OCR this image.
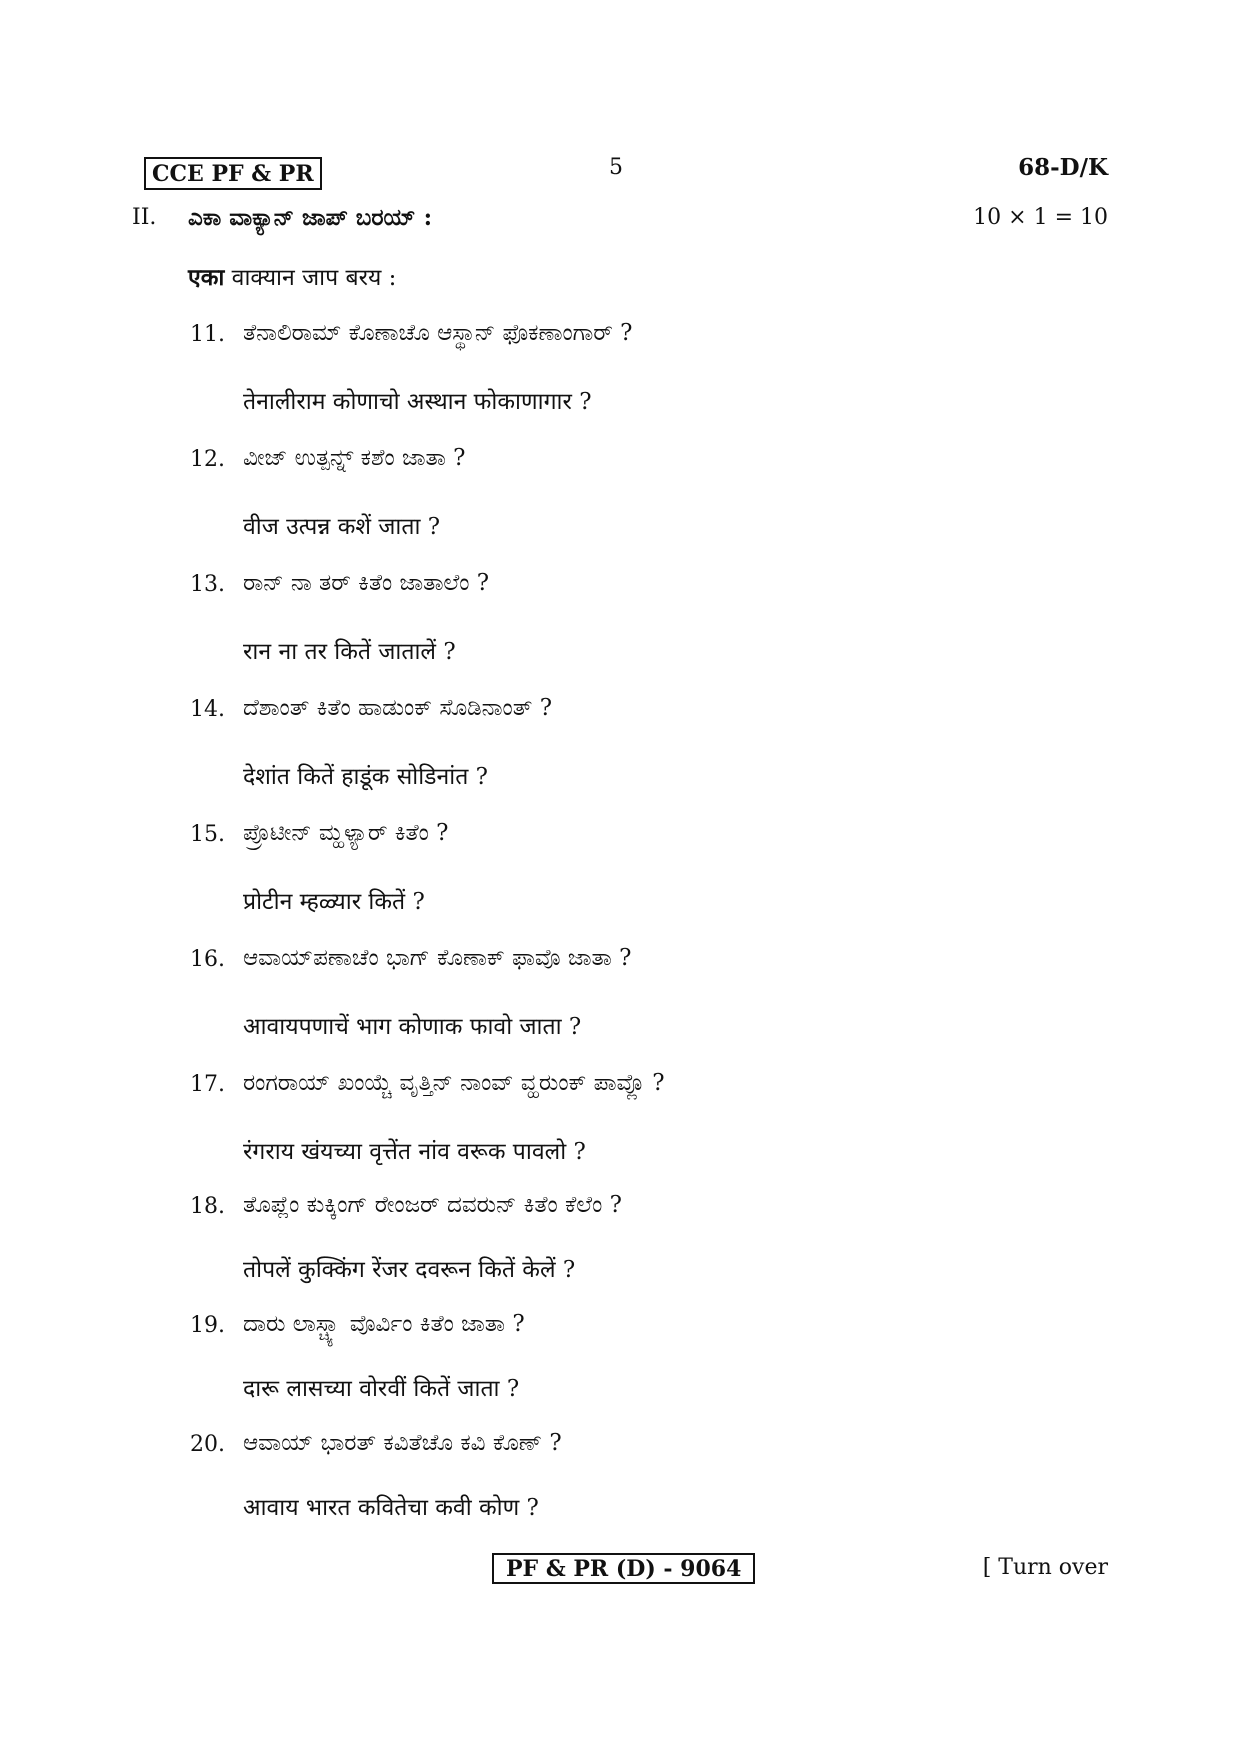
CCE PF & PR	5	68-D/K
II. ಎಕಾ ವಾಕ್ಯಾನ್ ಜಾಪ್ ಬರಯ್ :	10 × 1 = 10
एका वाक्यान जाप बरय :
11. ತೆನಾಲಿರಾಮ್ ಕೊಣಾಚೊ ಆಸ್ಥಾನ್ ಫೊಕಣಾಂಗಾರ್ ?
तेनालीराम कोणाचो अस्थान फोकाणागार ?
12. ವೀಜ್ ಉತ್ಪನ್ನ್ ಕಶೆಂ ಜಾತಾ ?
वीज उत्पन्न कशें जाता ?
13. ರಾನ್ ನಾ ತರ್ ಕಿತೆಂ ಜಾತಾಲೆಂ ?
रान ना तर कितें जातालें ?
14. ದೆಶಾಂತ್ ಕಿತೆಂ ಹಾಡುಂಕ್ ಸೊಡಿನಾಂತ್ ?
देशांत कितें हाडूंक सोडिनांत ?
15. ಪ್ರೊಟೀನ್ ಮ್ಹಳ್ಯಾರ್ ಕಿತೆಂ ?
प्रोटीन म्हळ्यार कितें ?
16. ಆವಾಯ್‌ಪಣಾಚೆಂ ಭಾಗ್ ಕೊಣಾಕ್ ಫಾವೊ ಜಾತಾ ?
आवायपणाचें भाग कोणाक फावो जाता ?
17. ರಂಗರಾಯ್ ಖಂಯ್ಚೆ ವೃತ್ತಿನ್ ನಾಂವ್ ವ್ಹರುಂಕ್ ಪಾವ್ಲೊ ?
रंगराय खंयच्या वृत्तेंत नांव वरूक पावलो ?
18. ತೊಪ್ಲೆಂ ಕುಕ್ಕಿಂಗ್ ರೇಂಜರ್ ದವರುನ್ ಕಿತೆಂ ಕೆಲೆಂ ?
तोपलें कुक्किंग रेंजर दवरून कितें केलें ?
19. ದಾರು ಲಾಸ್ಚ್ಯಾ ವೊರ್ವಿಂ ಕಿತೆಂ ಜಾತಾ ?
दारू लासच्या वोरवीं कितें जाता ?
20. ಆವಾಯ್ ಭಾರತ್ ಕವಿತೆಚೊ ಕವಿ ಕೊಣ್ ?
आवाय भारत कवितेचा कवी कोण ?
PF & PR (D) - 9064	[ Turn over
